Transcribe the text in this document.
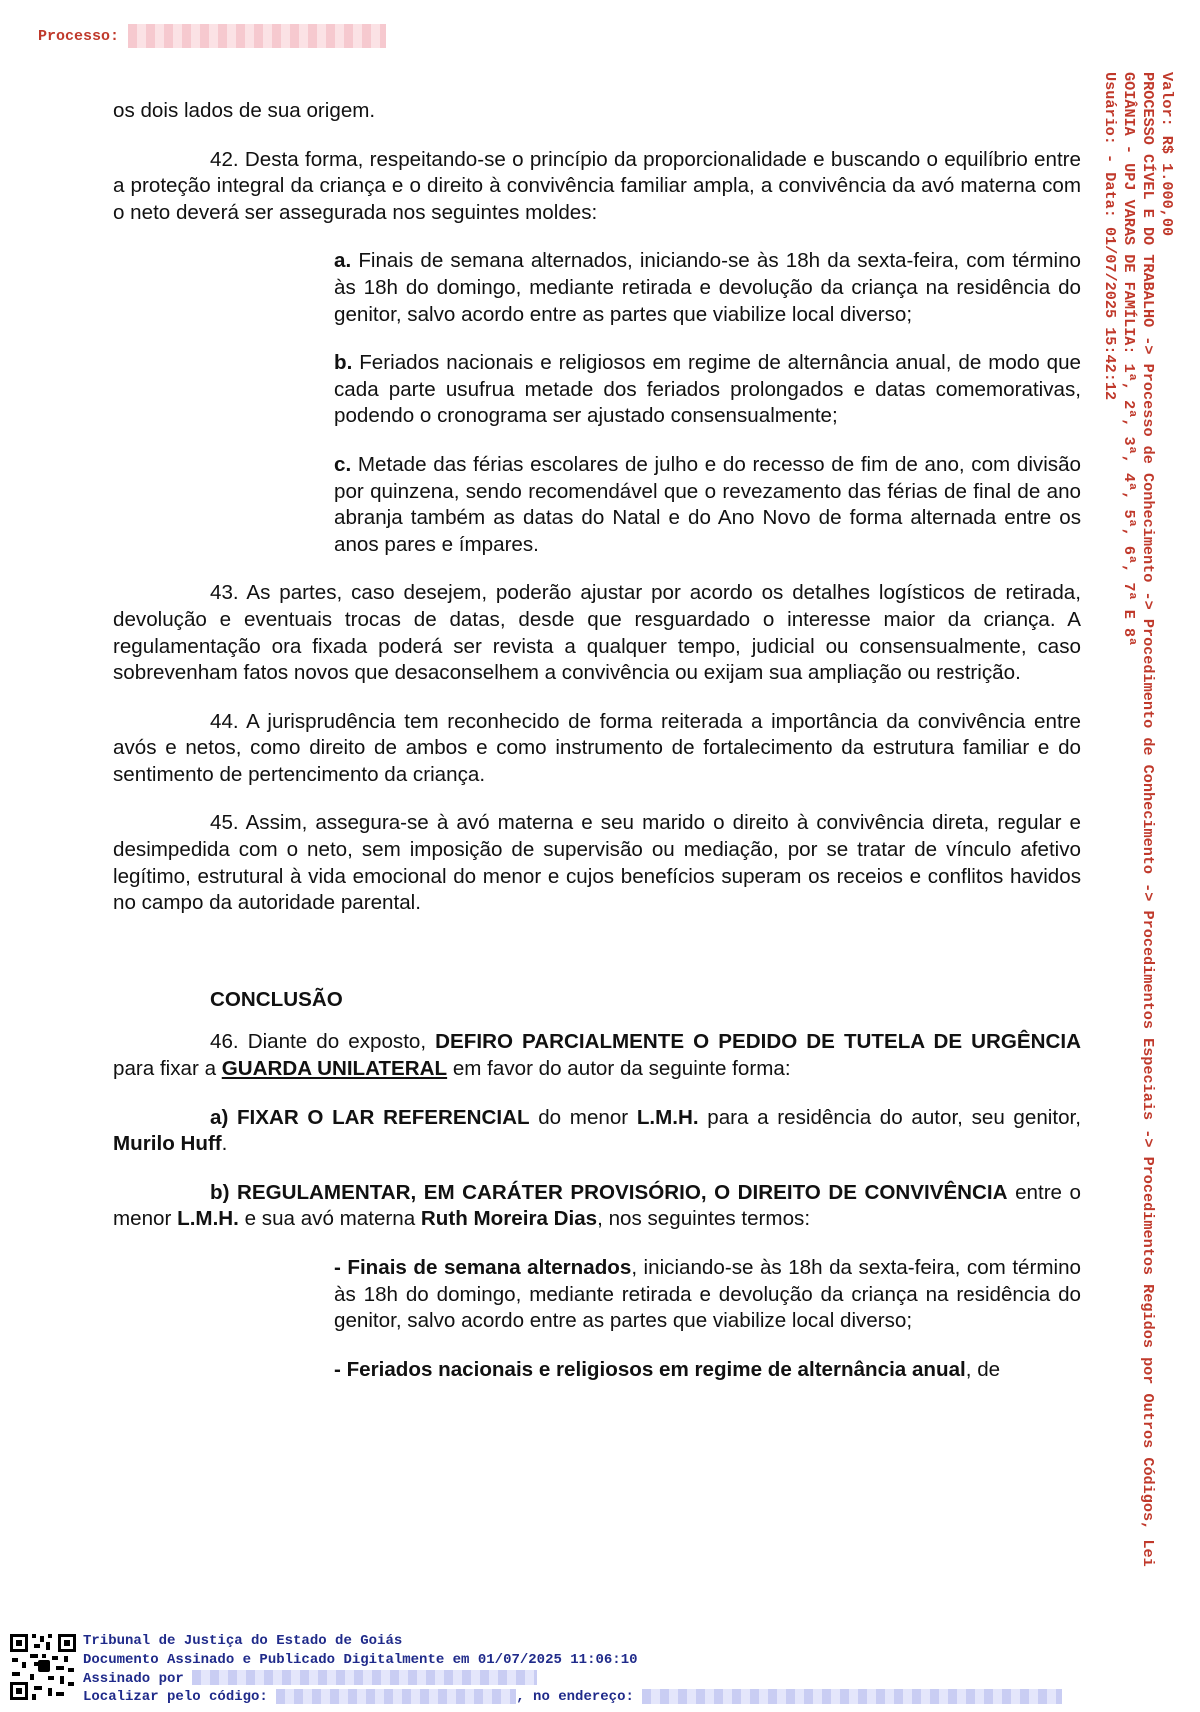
Processo:

os dois lados de sua origem.

42. Desta forma, respeitando-se o princípio da proporcionalidade e buscando o equilíbrio entre a proteção integral da criança e o direito à convivência familiar ampla, a convivência da avó materna com o neto deverá ser assegurada nos seguintes moldes:

a. Finais de semana alternados, iniciando-se às 18h da sexta-feira, com término às 18h do domingo, mediante retirada e devolução da criança na residência do genitor, salvo acordo entre as partes que viabilize local diverso;

b. Feriados nacionais e religiosos em regime de alternância anual, de modo que cada parte usufrua metade dos feriados prolongados e datas comemorativas, podendo o cronograma ser ajustado consensualmente;

c. Metade das férias escolares de julho e do recesso de fim de ano, com divisão por quinzena, sendo recomendável que o revezamento das férias de final de ano abranja também as datas do Natal e do Ano Novo de forma alternada entre os anos pares e ímpares.

43. As partes, caso desejem, poderão ajustar por acordo os detalhes logísticos de retirada, devolução e eventuais trocas de datas, desde que resguardado o interesse maior da criança. A regulamentação ora fixada poderá ser revista a qualquer tempo, judicial ou consensualmente, caso sobrevenham fatos novos que desaconselhem a convivência ou exijam sua ampliação ou restrição.

44. A jurisprudência tem reconhecido de forma reiterada a importância da convivência entre avós e netos, como direito de ambos e como instrumento de fortalecimento da estrutura familiar e do sentimento de pertencimento da criança.

45. Assim, assegura-se à avó materna e seu marido o direito à convivência direta, regular e desimpedida com o neto, sem imposição de supervisão ou mediação, por se tratar de vínculo afetivo legítimo, estrutural à vida emocional do menor e cujos benefícios superam os receios e conflitos havidos no campo da autoridade parental.

CONCLUSÃO

46. Diante do exposto, DEFIRO PARCIALMENTE O PEDIDO DE TUTELA DE URGÊNCIA para fixar a GUARDA UNILATERAL em favor do autor da seguinte forma:

a) FIXAR O LAR REFERENCIAL do menor L.M.H. para a residência do autor, seu genitor, Murilo Huff.

b) REGULAMENTAR, EM CARÁTER PROVISÓRIO, O DIREITO DE CONVIVÊNCIA entre o menor L.M.H. e sua avó materna Ruth Moreira Dias, nos seguintes termos:

- Finais de semana alternados, iniciando-se às 18h da sexta-feira, com término às 18h do domingo, mediante retirada e devolução da criança na residência do genitor, salvo acordo entre as partes que viabilize local diverso;

- Feriados nacionais e religiosos em regime de alternância anual, de

Valor: R$ 1.000,00
PROCESSO CÍVEL E DO TRABALHO -> Processo de Conhecimento -> Procedimento de Conhecimento -> Procedimentos Especiais -> Procedimentos Regidos por Outros Códigos, Lei
GOIÂNIA - UPJ VARAS DE FAMÍLIA: 1ª, 2ª, 3ª, 4ª, 5ª, 6ª, 7ª E 8ª
Usuário: - Data: 01/07/2025 15:42:12
Tribunal de Justiça do Estado de Goiás
Documento Assinado e Publicado Digitalmente em 01/07/2025 11:06:10
Assinado por
Localizar pelo código:	, no endereço:
